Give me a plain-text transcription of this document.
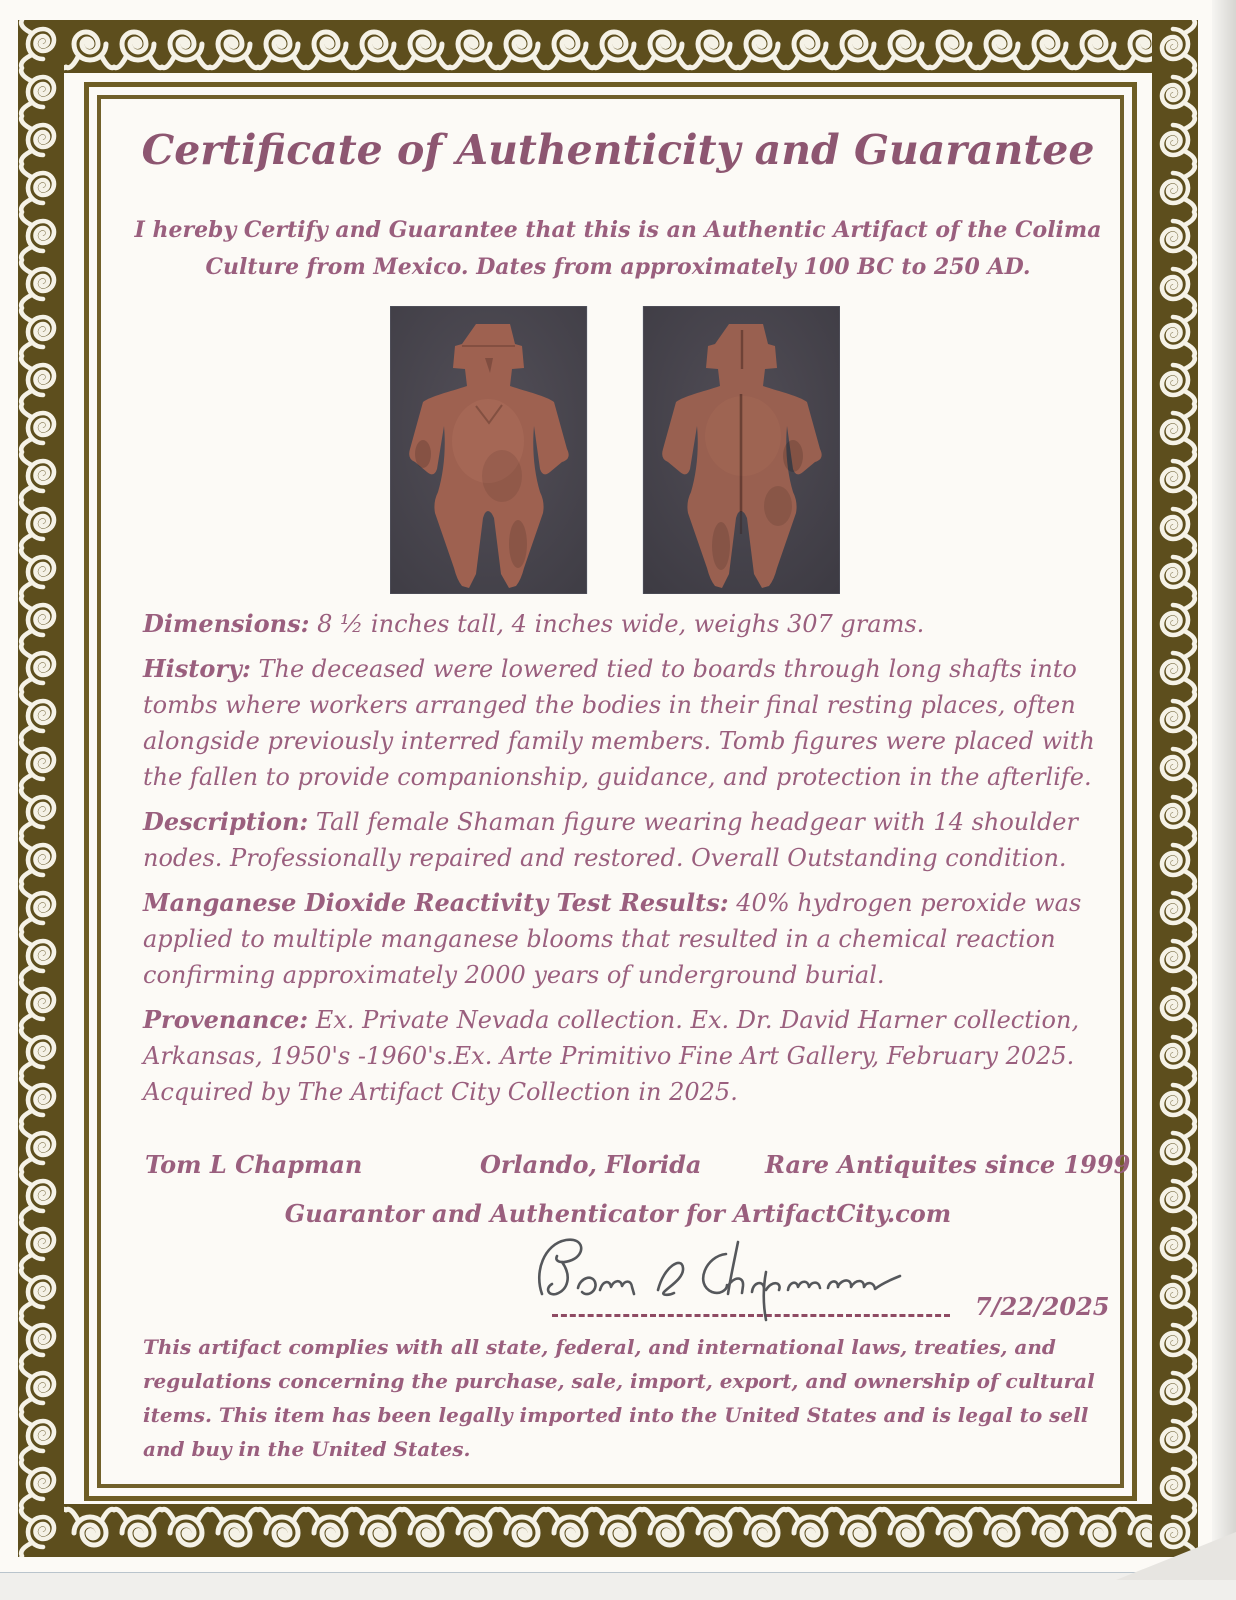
Certificate of Authenticity and Guarantee
I hereby Certify and Guarantee that this is an Authentic Artifact of the Colima Culture from Mexico. Dates from approximately 100 BC to 250 AD.

Dimensions: 8 ½ inches tall, 4 inches wide, weighs 307 grams.

History: The deceased were lowered tied to boards through long shafts into tombs where workers arranged the bodies in their final resting places, often alongside previously interred family members. Tomb figures were placed with the fallen to provide companionship, guidance, and protection in the afterlife.

Description: Tall female Shaman figure wearing headgear with 14 shoulder nodes. Professionally repaired and restored. Overall Outstanding condition.

Manganese Dioxide Reactivity Test Results: 40% hydrogen peroxide was applied to multiple manganese blooms that resulted in a chemical reaction confirming approximately 2000 years of underground burial.

Provenance: Ex. Private Nevada collection. Ex. Dr. David Harner collection, Arkansas, 1950's -1960's.Ex. Arte Primitivo Fine Art Gallery, February 2025. Acquired by The Artifact City Collection in 2025.

Tom L Chapman	Orlando, Florida	Rare Antiquites since 1999
Guarantor and Authenticator for ArtifactCity.com
7/22/2025
This artifact complies with all state, federal, and international laws, treaties, and regulations concerning the purchase, sale, import, export, and ownership of cultural items. This item has been legally imported into the United States and is legal to sell and buy in the United States.
